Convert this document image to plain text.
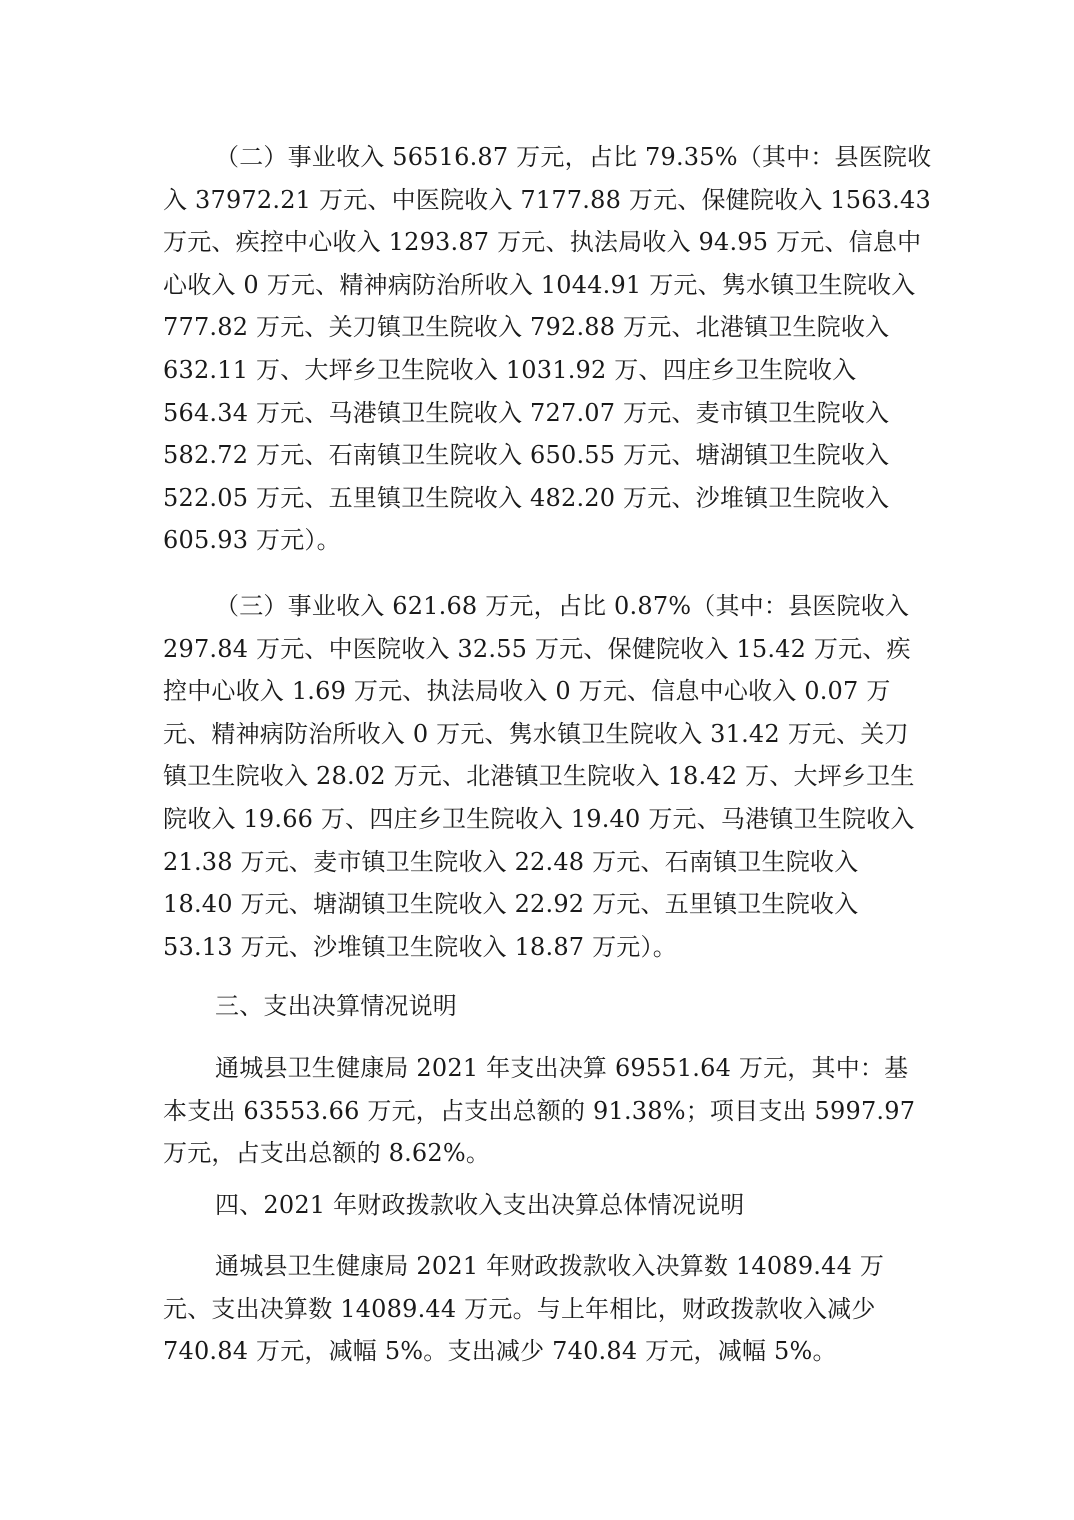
（二）事业收入 56516.87 万元，占比 79.35%（其中：县医院收
入 37972.21 万元、中医院收入 7177.88 万元、保健院收入 1563.43
万元、疾控中心收入 1293.87 万元、执法局收入 94.95 万元、信息中
心收入 0 万元、精神病防治所收入 1044.91 万元、隽水镇卫生院收入
777.82 万元、关刀镇卫生院收入 792.88 万元、北港镇卫生院收入
632.11 万、大坪乡卫生院收入 1031.92 万、四庄乡卫生院收入
564.34 万元、马港镇卫生院收入 727.07 万元、麦市镇卫生院收入
582.72 万元、石南镇卫生院收入 650.55 万元、塘湖镇卫生院收入
522.05 万元、五里镇卫生院收入 482.20 万元、沙堆镇卫生院收入
605.93 万元）。
（三）事业收入 621.68 万元，占比 0.87%（其中：县医院收入
297.84 万元、中医院收入 32.55 万元、保健院收入 15.42 万元、疾
控中心收入 1.69 万元、执法局收入 0 万元、信息中心收入 0.07 万
元、精神病防治所收入 0 万元、隽水镇卫生院收入 31.42 万元、关刀
镇卫生院收入 28.02 万元、北港镇卫生院收入 18.42 万、大坪乡卫生
院收入 19.66 万、四庄乡卫生院收入 19.40 万元、马港镇卫生院收入
21.38 万元、麦市镇卫生院收入 22.48 万元、石南镇卫生院收入
18.40 万元、塘湖镇卫生院收入 22.92 万元、五里镇卫生院收入
53.13 万元、沙堆镇卫生院收入 18.87 万元）。
三、支出决算情况说明
通城县卫生健康局 2021 年支出决算 69551.64 万元，其中：基
本支出 63553.66 万元，占支出总额的 91.38%；项目支出 5997.97
万元，占支出总额的 8.62%。
四、2021 年财政拨款收入支出决算总体情况说明
通城县卫生健康局 2021 年财政拨款收入决算数 14089.44 万
元、支出决算数 14089.44 万元。与上年相比，财政拨款收入减少
740.84 万元，减幅 5%。支出减少 740.84 万元，减幅 5%。
